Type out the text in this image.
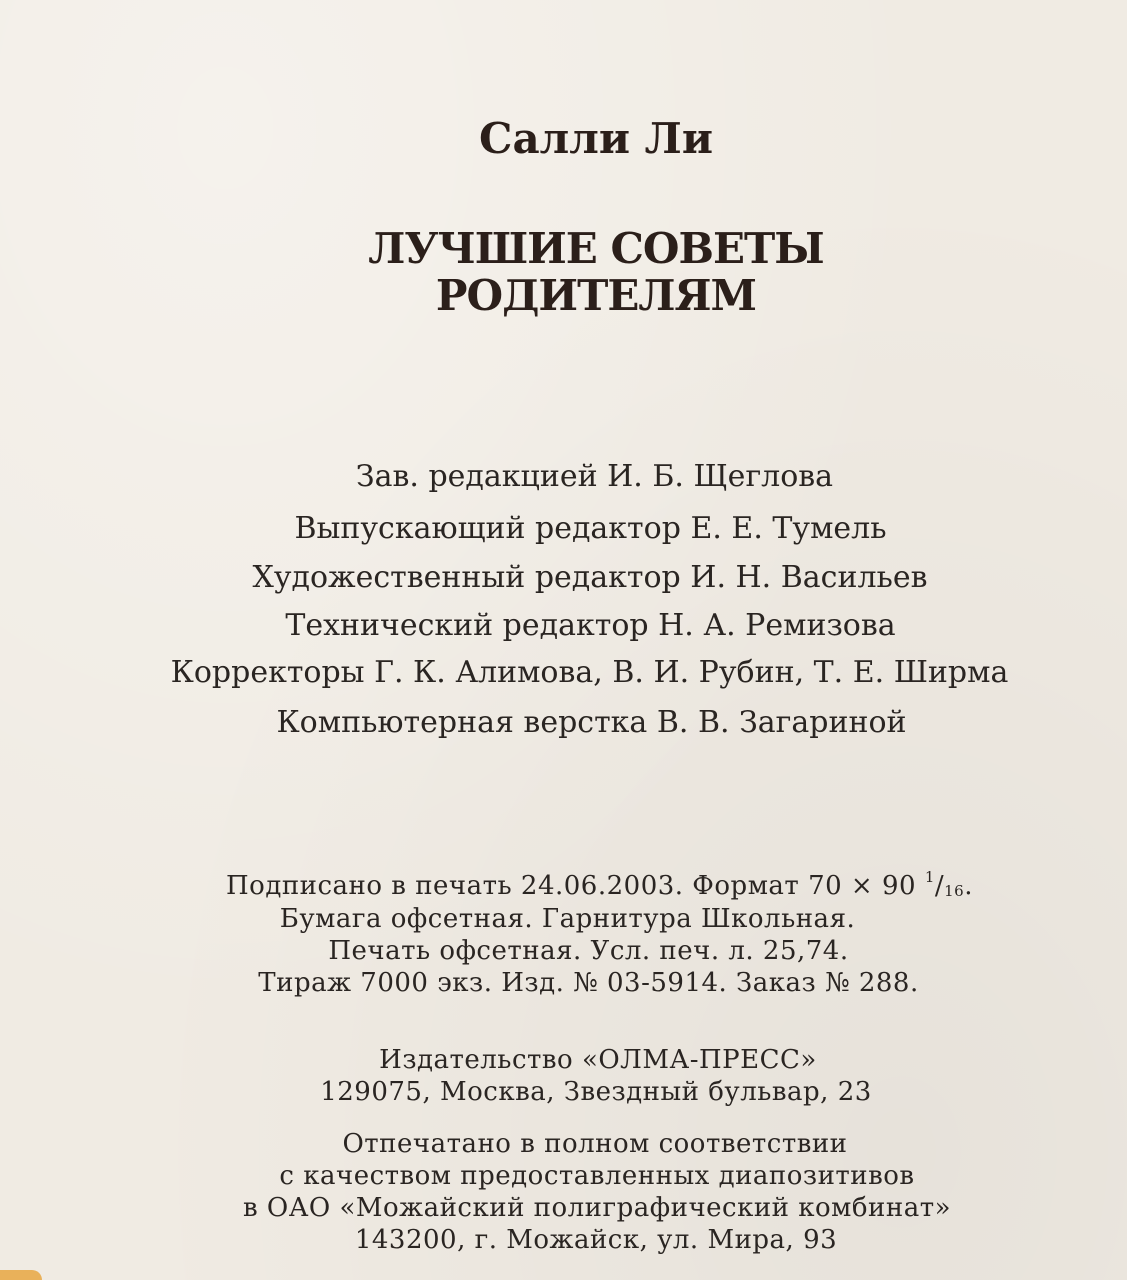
Салли Ли
ЛУЧШИЕ СОВЕТЫ
РОДИТЕЛЯМ
Зав. редакцией И. Б. Щеглова
Выпускающий редактор Е. Е. Тумель
Художественный редактор И. Н. Васильев
Технический редактор Н. А. Ремизова
Корректоры Г. К. Алимова, В. И. Рубин, Т. Е. Ширма
Компьютерная верстка В. В. Загариной
Подписано в печать 24.06.2003. Формат 70 × 90 $^1$/16.
Бумага офсетная. Гарнитура Школьная.
Печать офсетная. Усл. печ. л. 25,74.
Тираж 7000 экз. Изд. № 03-5914. Заказ № 288.
Издательство «ОЛМА-ПРЕСС»
129075, Москва, Звездный бульвар, 23
Отпечатано в полном соответствии
с качеством предоставленных диапозитивов
в ОАО «Можайский полиграфический комбинат»
143200, г. Можайск, ул. Мира, 93
